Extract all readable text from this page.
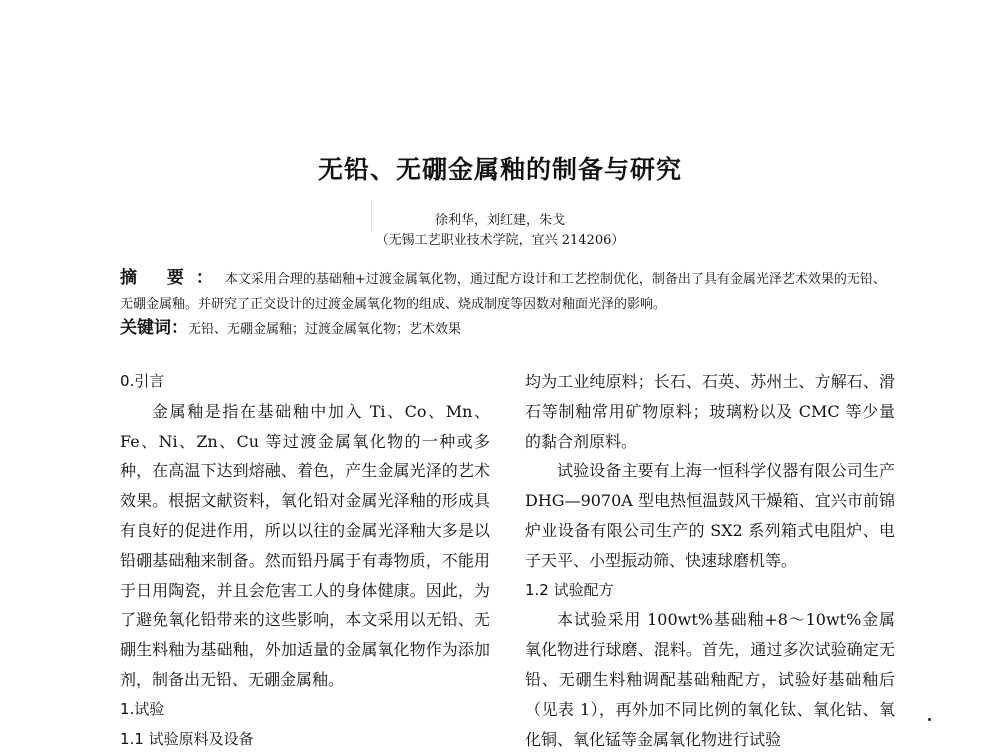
无铅、无硼金属釉的制备与研究
徐利华，刘红建，朱戈
（无锡工艺职业技术学院，宜兴 214206）
摘 要：本文采用合理的基础釉+过渡金属氧化物，通过配方设计和工艺控制优化，制备出了具有金属光泽艺术效果的无铅、无硼金属釉。并研究了正交设计的过渡金属氧化物的组成、烧成制度等因数对釉面光泽的影响。
关键词：无铅、无硼金属釉；过渡金属氧化物；艺术效果

0.引言

金属釉是指在基础釉中加入 Ti、Co、Mn、Fe、Ni、Zn、Cu 等过渡金属氧化物的一种或多种，在高温下达到熔融、着色，产生金属光泽的艺术效果。根据文献资料，氧化铅对金属光泽釉的形成具有良好的促进作用，所以以往的金属光泽釉大多是以铅硼基础釉来制备。然而铅丹属于有毒物质，不能用于日用陶瓷，并且会危害工人的身体健康。因此，为了避免氧化铅带来的这些影响，本文采用以无铅、无硼生料釉为基础釉，外加适量的金属氧化物作为添加剂，制备出无铅、无硼金属釉。

1.试验

1.1 试验原料及设备

均为工业纯原料；长石、石英、苏州土、方解石、滑石等制釉常用矿物原料；玻璃粉以及 CMC 等少量的黏合剂原料。

试验设备主要有上海一恒科学仪器有限公司生产 DHG—9070A 型电热恒温鼓风干燥箱、宜兴市前锦炉业设备有限公司生产的 SX2 系列箱式电阻炉、电子天平、小型振动筛、快速球磨机等。

1.2 试验配方

本试验采用 100wt%基础釉+8～10wt%金属氧化物进行球磨、混料。首先，通过多次试验确定无铅、无硼生料釉调配基础釉配方，试验好基础釉后（见表 1），再外加不同比例的氧化钛、氧化钴、氧化铜、氧化锰等金属氧化物进行试验
